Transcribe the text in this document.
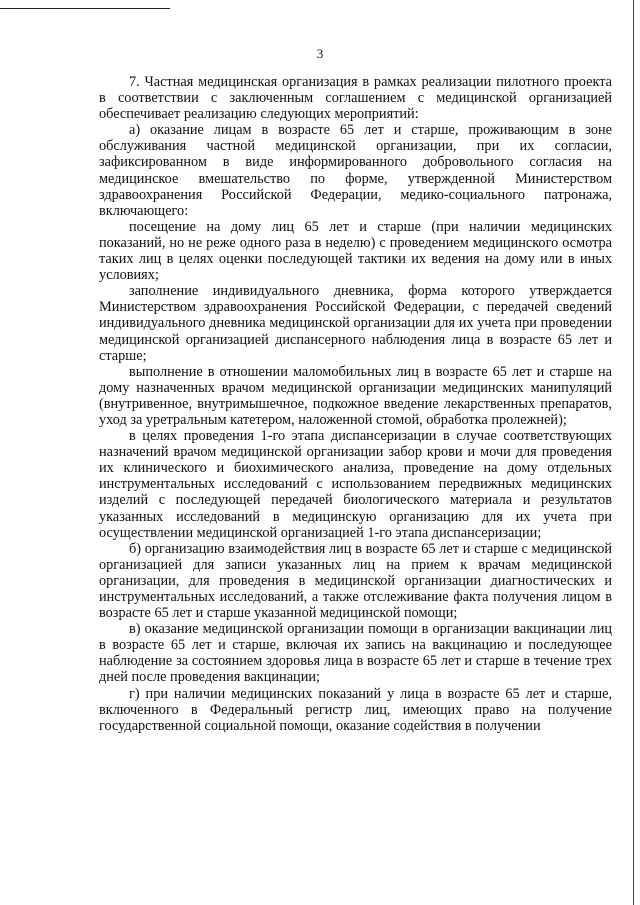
3

7. Частная медицинская организация в рамках реализации пилотного проекта в соответствии с заключенным соглашением с медицинской организацией обеспечивает реализацию следующих мероприятий:

а) оказание лицам в возрасте 65 лет и старше, проживающим в зоне обслуживания частной медицинской организации, при их согласии, зафиксированном в виде информированного добровольного согласия на медицинское вмешательство по форме, утвержденной Министерством здравоохранения Российской Федерации, медико-социального патронажа, включающего:

посещение на дому лиц 65 лет и старше (при наличии медицинских показаний, но не реже одного раза в неделю) с проведением медицинского осмотра таких лиц в целях оценки последующей тактики их ведения на дому или в иных условиях;

заполнение индивидуального дневника, форма которого утверждается Министерством здравоохранения Российской Федерации, с передачей сведений индивидуального дневника медицинской организации для их учета при проведении медицинской организацией диспансерного наблюдения лица в возрасте 65 лет и старше;

выполнение в отношении маломобильных лиц в возрасте 65 лет и старше на дому назначенных врачом медицинской организации медицинских манипуляций (внутривенное, внутримышечное, подкожное введение лекарственных препаратов, уход за уретральным катетером, наложенной стомой, обработка пролежней);

в целях проведения 1-го этапа диспансеризации в случае соответствующих назначений врачом медицинской организации забор крови и мочи для проведения их клинического и биохимического анализа, проведение на дому отдельных инструментальных исследований с использованием передвижных медицинских изделий с последующей передачей биологического материала и результатов указанных исследований в медицинскую организацию для их учета при осуществлении медицинской организацией 1-го этапа диспансеризации;

б) организацию взаимодействия лиц в возрасте 65 лет и старше с медицинской организацией для записи указанных лиц на прием к врачам медицинской организации, для проведения в медицинской организации диагностических и инструментальных исследований, а также отслеживание факта получения лицом в возрасте 65 лет и старше указанной медицинской помощи;

в) оказание медицинской организации помощи в организации вакцинации лиц в возрасте 65 лет и старше, включая их запись на вакцинацию и последующее наблюдение за состоянием здоровья лица в возрасте 65 лет и старше в течение трех дней после проведения вакцинации;

г) при наличии медицинских показаний у лица в возрасте 65 лет и старше, включенного в Федеральный регистр лиц, имеющих право на получение государственной социальной помощи, оказание содействия в получении
